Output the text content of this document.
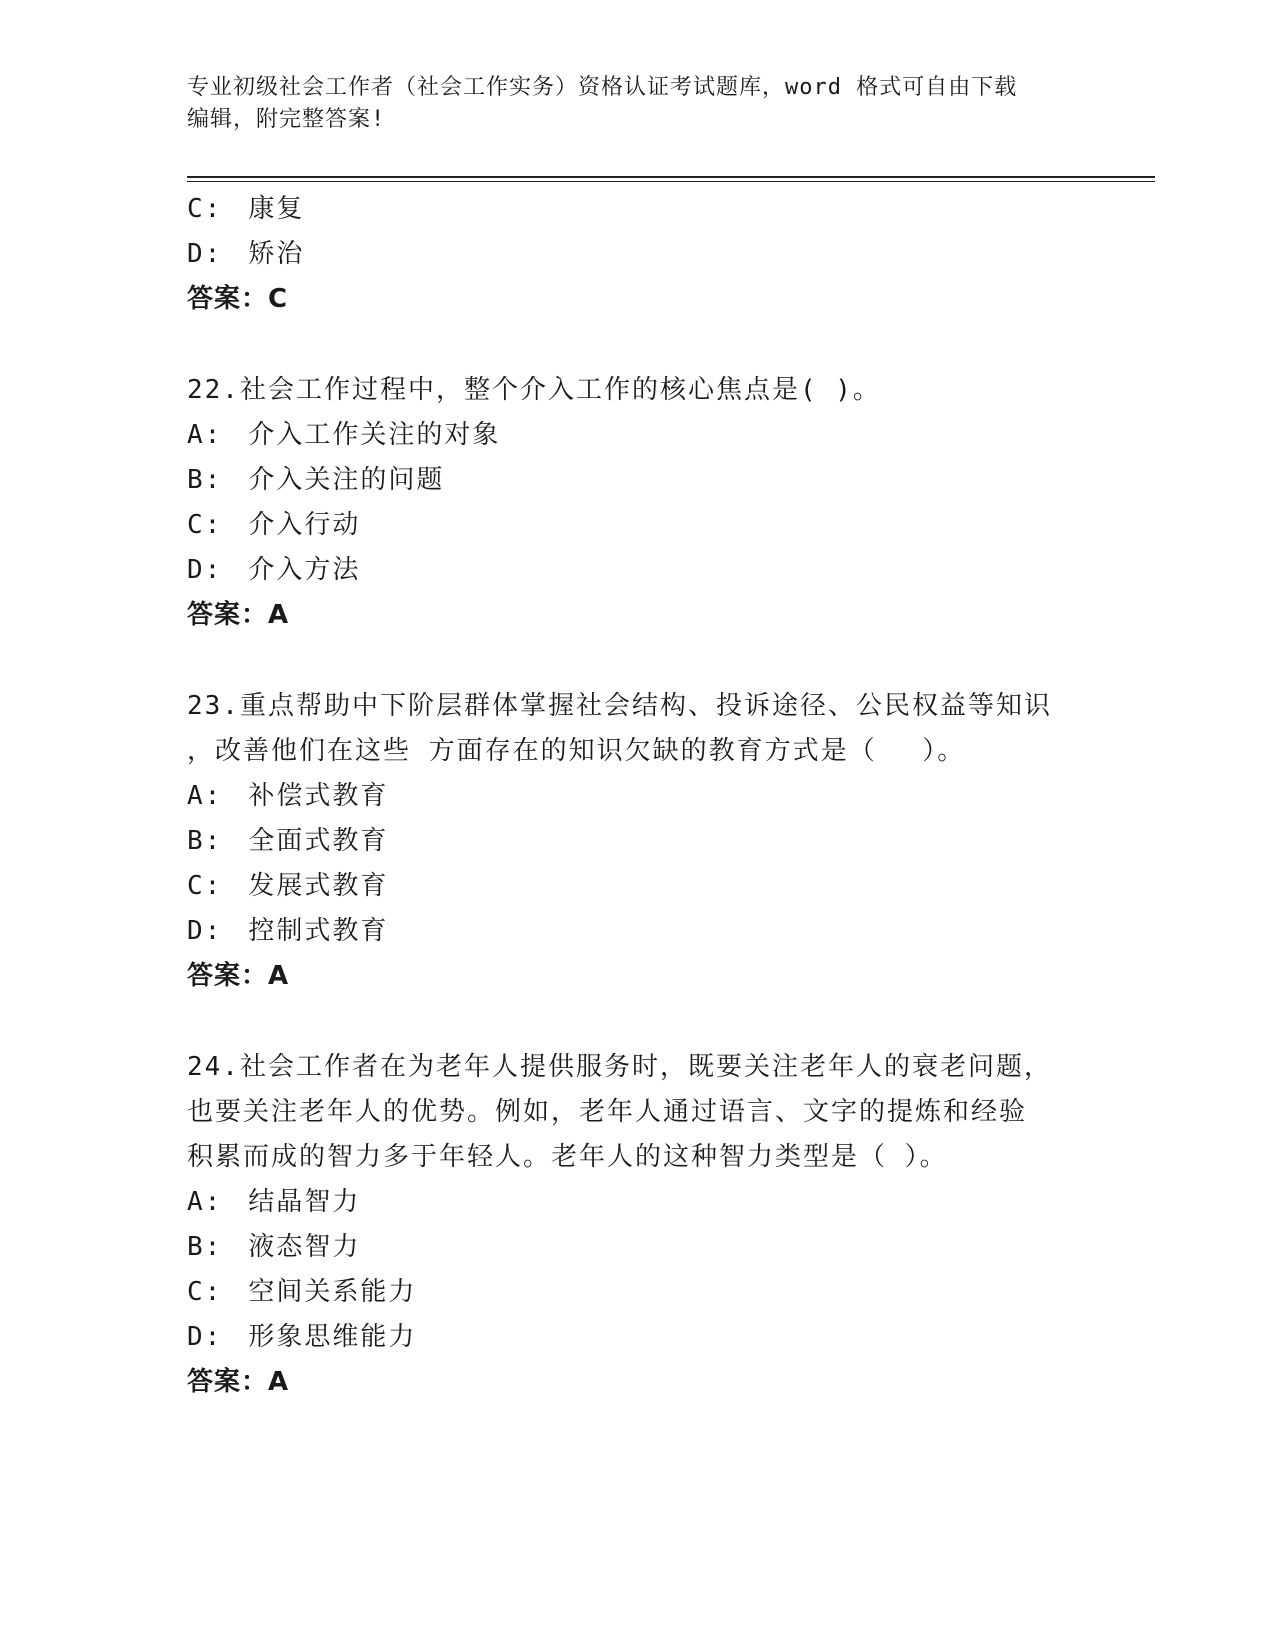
专业初级社会工作者（社会工作实务）资格认证考试题库，word 格式可自由下载
编辑，附完整答案!
C: 康复
D: 矫治
答案：C
22.社会工作过程中，整个介入工作的核心焦点是( )。
A: 介入工作关注的对象
B: 介入关注的问题
C: 介入行动
D: 介入方法
答案：A
23.重点帮助中下阶层群体掌握社会结构、投诉途径、公民权益等知识
，改善他们在这些 方面存在的知识欠缺的教育方式是（　 ）。
A: 补偿式教育
B: 全面式教育
C: 发展式教育
D: 控制式教育
答案：A
24.社会工作者在为老年人提供服务时，既要关注老年人的衰老问题，
也要关注老年人的优势。例如，老年人通过语言、文字的提炼和经验
积累而成的智力多于年轻人。老年人的这种智力类型是（ ）。
A: 结晶智力
B: 液态智力
C: 空间关系能力
D: 形象思维能力
答案：A
